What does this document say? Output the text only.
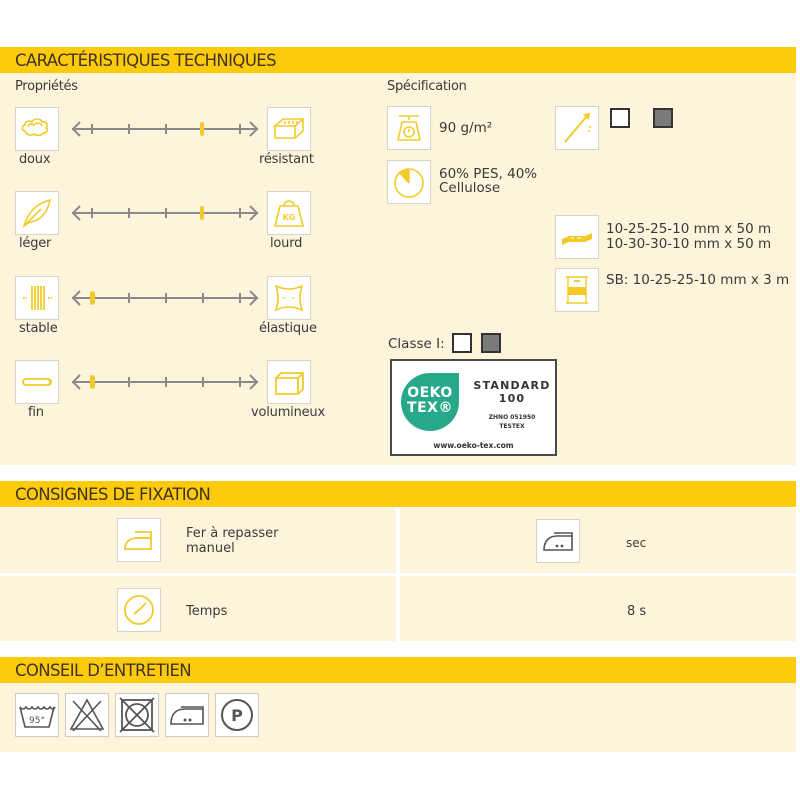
CARACTÉRISTIQUES TECHNIQUES
Propriétés
doux	résistant
KG
léger	lourd
stable	élastique
fin	volumineux
Spécification
90 g/m²
60% PES, 40%
Cellulose
10-25-25-10 mm x 50 m
10-30-30-10 mm x 50 m
SB: 10-25-25-10 mm x 3 m
Classe I:
OEKO
TEX®
STANDARD
100
ZHNO 051950
TESTEX
www.oeko-tex.com
CONSIGNES DE FIXATION
Fer à repasser
manuel	sec
Temps	8 s
CONSEIL D’ENTRETIEN
95°	P
